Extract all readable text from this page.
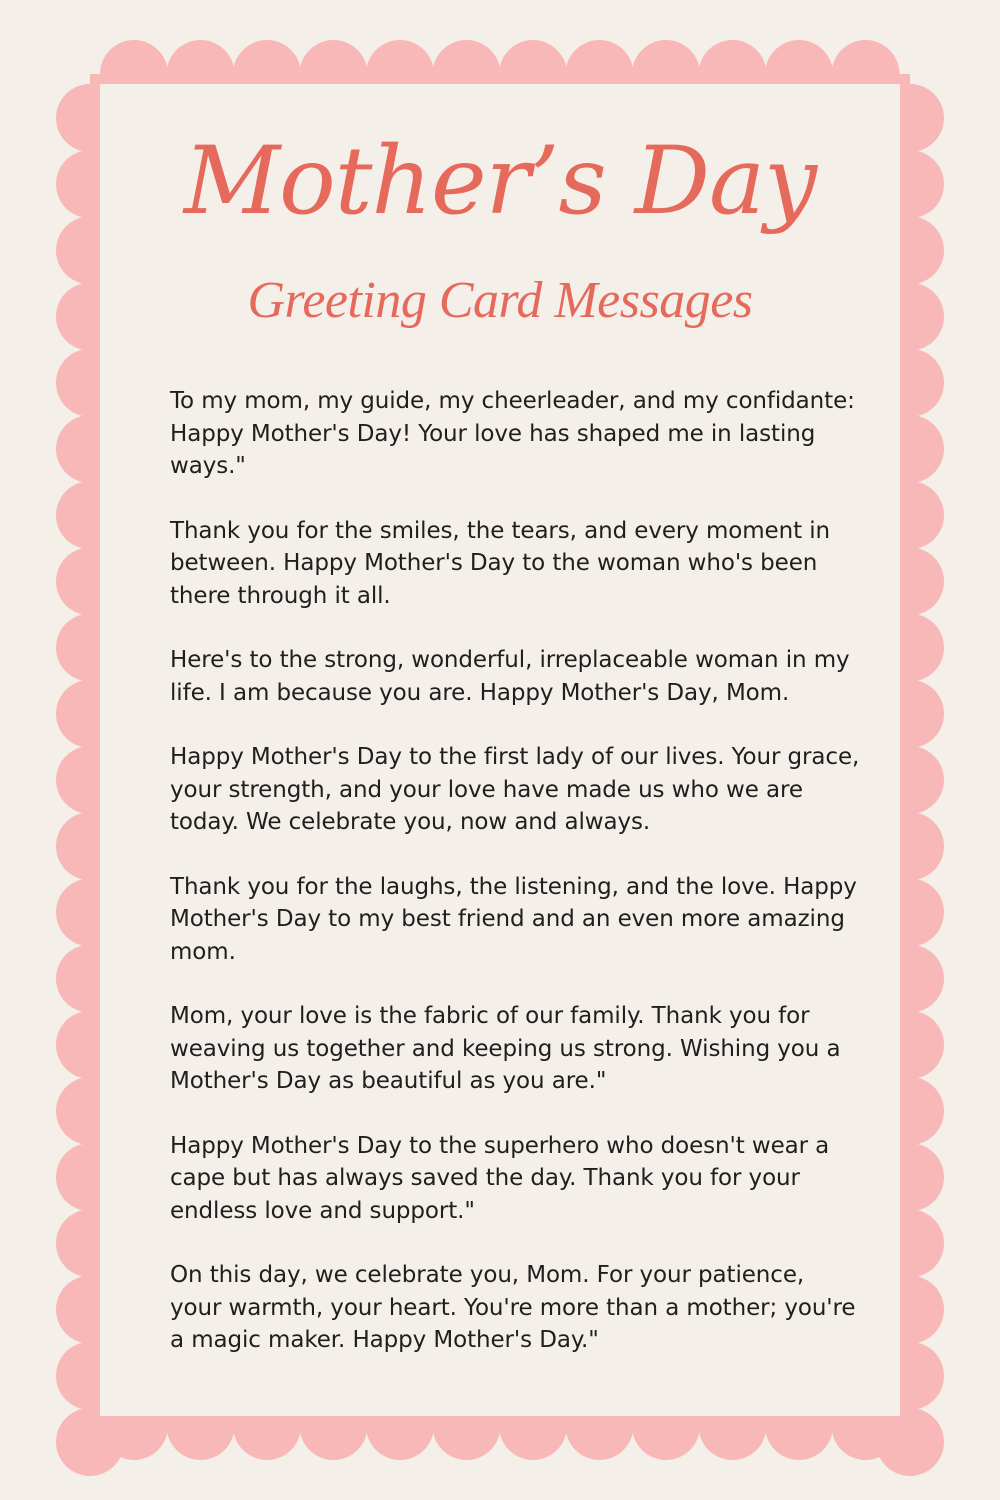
Mother’s Day
Greeting Card Messages
To my mom, my guide, my cheerleader, and my confidante: Happy Mother's Day! Your love has shaped me in lasting ways."
Thank you for the smiles, the tears, and every moment in between. Happy Mother's Day to the woman who's been there through it all.
Here's to the strong, wonderful, irreplaceable woman in my life. I am because you are. Happy Mother's Day, Mom.
Happy Mother's Day to the first lady of our lives. Your grace, your strength, and your love have made us who we are today. We celebrate you, now and always.
Thank you for the laughs, the listening, and the love. Happy Mother's Day to my best friend and an even more amazing mom.
Mom, your love is the fabric of our family. Thank you for weaving us together and keeping us strong. Wishing you a Mother's Day as beautiful as you are."
Happy Mother's Day to the superhero who doesn't wear a cape but has always saved the day. Thank you for your endless love and support."
On this day, we celebrate you, Mom. For your patience, your warmth, your heart. You're more than a mother; you're a magic maker. Happy Mother's Day."
